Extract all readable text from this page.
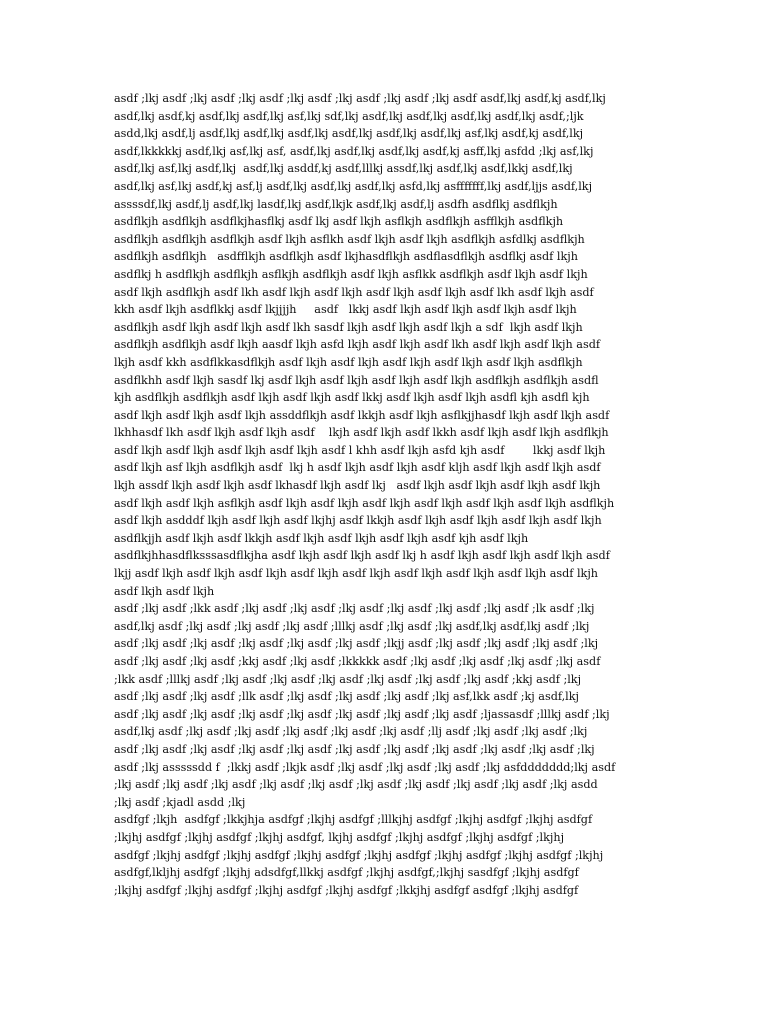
asdf ;lkj asdf ;lkj asdf ;lkj asdf ;lkj asdf ;lkj asdf ;lkj asdf ;lkj asdf asdf,lkj asdf,kj asdf,lkj
asdf,lkj asdf,kj asdf,lkj asdf,lkj asf,lkj sdf,lkj asdf,lkj asdf,lkj asdf,lkj asdf,lkj asdf,;ljk
asdd,lkj asdf,lj asdf,lkj asdf,lkj asdf,lkj asdf,lkj asdf,lkj asdf,lkj asf,lkj asdf,kj asdf,lkj
asdf,lkkkkkj asdf,lkj asf,lkj asf, asdf,lkj asdf,lkj asdf,lkj asdf,kj asff,lkj asfdd ;lkj asf,lkj
asdf,lkj asf,lkj asdf,lkj  asdf,lkj asddf,kj asdf,lllkj assdf,lkj asdf,lkj asdf,lkkj asdf,lkj
asdf,lkj asf,lkj asdf,kj asf,lj asdf,lkj asdf,lkj asdf,lkj asfd,lkj asfffffff,lkj asdf,ljjs asdf,lkj
assssdf,lkj asdf,lj asdf,lkj lasdf,lkj asdf,lkjk asdf,lkj asdf,lj asdfh asdflkj asdflkjh
asdflkjh asdflkjh asdflkjhasflkj asdf lkj asdf lkjh asflkjh asdflkjh asfflkjh asdflkjh
asdflkjh asdflkjh asdflkjh asdf lkjh asflkh asdf lkjh asdf lkjh asdflkjh asfdlkj asdflkjh
asdflkjh asdflkjh   asdfflkjh asdflkjh asdf lkjhasdflkjh asdflasdflkjh asdflkj asdf lkjh
asdflkj h asdflkjh asdflkjh asflkjh asdflkjh asdf lkjh asflkk asdflkjh asdf lkjh asdf lkjh
asdf lkjh asdflkjh asdf lkh asdf lkjh asdf lkjh asdf lkjh asdf lkjh asdf lkh asdf lkjh asdf
kkh asdf lkjh asdflkkj asdf lkjjjjh     asdf   lkkj asdf lkjh asdf lkjh asdf lkjh asdf lkjh
asdflkjh asdf lkjh asdf lkjh asdf lkh sasdf lkjh asdf lkjh asdf lkjh a sdf  lkjh asdf lkjh
asdflkjh asdflkjh asdf lkjh aasdf lkjh asfd lkjh asdf lkjh asdf lkh asdf lkjh asdf lkjh asdf
lkjh asdf kkh asdflkkasdflkjh asdf lkjh asdf lkjh asdf lkjh asdf lkjh asdf lkjh asdflkjh
asdflkhh asdf lkjh sasdf lkj asdf lkjh asdf lkjh asdf lkjh asdf lkjh asdflkjh asdflkjh asdfl
kjh asdflkjh asdflkjh asdf lkjh asdf lkjh asdf lkkj asdf lkjh asdf lkjh asdfl kjh asdfl kjh
asdf lkjh asdf lkjh asdf lkjh assddflkjh asdf lkkjh asdf lkjh asflkjjhasdf lkjh asdf lkjh asdf
lkhhasdf lkh asdf lkjh asdf lkjh asdf    lkjh asdf lkjh asdf lkkh asdf lkjh asdf lkjh asdflkjh
asdf lkjh asdf lkjh asdf lkjh asdf lkjh asdf l khh asdf lkjh asfd kjh asdf        lkkj asdf lkjh
asdf lkjh asf lkjh asdflkjh asdf  lkj h asdf lkjh asdf lkjh asdf kljh asdf lkjh asdf lkjh asdf
lkjh assdf lkjh asdf lkjh asdf lkhasdf lkjh asdf lkj   asdf lkjh asdf lkjh asdf lkjh asdf lkjh
asdf lkjh asdf lkjh asflkjh asdf lkjh asdf lkjh asdf lkjh asdf lkjh asdf lkjh asdf lkjh asdflkjh
asdf lkjh asdddf lkjh asdf lkjh asdf lkjhj asdf lkkjh asdf lkjh asdf lkjh asdf lkjh asdf lkjh
asdflkjjh asdf lkjh asdf lkkjh asdf lkjh asdf lkjh asdf lkjh asdf kjh asdf lkjh
asdflkjhhasdflksssasdflkjha asdf lkjh asdf lkjh asdf lkj h asdf lkjh asdf lkjh asdf lkjh asdf
lkjj asdf lkjh asdf lkjh asdf lkjh asdf lkjh asdf lkjh asdf lkjh asdf lkjh asdf lkjh asdf lkjh
asdf lkjh asdf lkjh
asdf ;lkj asdf ;lkk asdf ;lkj asdf ;lkj asdf ;lkj asdf ;lkj asdf ;lkj asdf ;lkj asdf ;lk asdf ;lkj
asdf,lkj asdf ;lkj asdf ;lkj asdf ;lkj asdf ;lllkj asdf ;lkj asdf ;lkj asdf,lkj asdf,lkj asdf ;lkj
asdf ;lkj asdf ;lkj asdf ;lkj asdf ;lkj asdf ;lkj asdf ;lkjj asdf ;lkj asdf ;lkj asdf ;lkj asdf ;lkj
asdf ;lkj asdf ;lkj asdf ;kkj asdf ;lkj asdf ;lkkkkk asdf ;lkj asdf ;lkj asdf ;lkj asdf ;lkj asdf
;lkk asdf ;lllkj asdf ;lkj asdf ;lkj asdf ;lkj asdf ;lkj asdf ;lkj asdf ;lkj asdf ;kkj asdf ;lkj
asdf ;lkj asdf ;lkj asdf ;llk asdf ;lkj asdf ;lkj asdf ;lkj asdf ;lkj asf,lkk asdf ;kj asdf,lkj
asdf ;lkj asdf ;lkj asdf ;lkj asdf ;lkj asdf ;lkj asdf ;lkj asdf ;lkj asdf ;ljassasdf ;lllkj asdf ;lkj
asdf,lkj asdf ;lkj asdf ;lkj asdf ;lkj asdf ;lkj asdf ;lkj asdf ;llj asdf ;lkj asdf ;lkj asdf ;lkj
asdf ;lkj asdf ;lkj asdf ;lkj asdf ;lkj asdf ;lkj asdf ;lkj asdf ;lkj asdf ;lkj asdf ;lkj asdf ;lkj
asdf ;lkj asssssdd f  ;lkkj asdf ;lkjk asdf ;lkj asdf ;lkj asdf ;lkj asdf ;lkj asfddddddd;lkj asdf
;lkj asdf ;lkj asdf ;lkj asdf ;lkj asdf ;lkj asdf ;lkj asdf ;lkj asdf ;lkj asdf ;lkj asdf ;lkj asdd
;lkj asdf ;kjadl asdd ;lkj
asdfgf ;lkjh  asdfgf ;lkkjhja asdfgf ;lkjhj asdfgf ;lllkjhj asdfgf ;lkjhj asdfgf ;lkjhj asdfgf
;lkjhj asdfgf ;lkjhj asdfgf ;lkjhj asdfgf, lkjhj asdfgf ;lkjhj asdfgf ;lkjhj asdfgf ;lkjhj
asdfgf ;lkjhj asdfgf ;lkjhj asdfgf ;lkjhj asdfgf ;lkjhj asdfgf ;lkjhj asdfgf ;lkjhj asdfgf ;lkjhj
asdfgf,lkljhj asdfgf ;lkjhj adsdfgf,llkkj asdfgf ;lkjhj asdfgf,;lkjhj sasdfgf ;lkjhj asdfgf
;lkjhj asdfgf ;lkjhj asdfgf ;lkjhj asdfgf ;lkjhj asdfgf ;lkkjhj asdfgf asdfgf ;lkjhj asdfgf
